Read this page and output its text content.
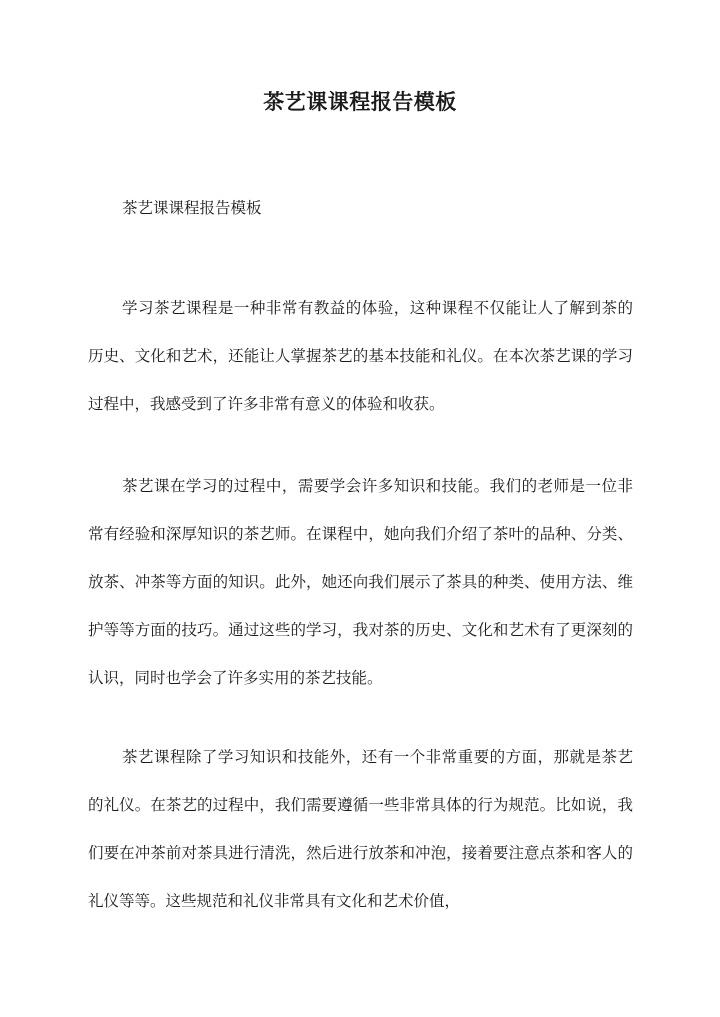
茶艺课课程报告模板

茶艺课课程报告模板

学习茶艺课程是一种非常有教益的体验，这种课程不仅能让人了解到茶的历史、文化和艺术，还能让人掌握茶艺的基本技能和礼仪。在本次茶艺课的学习过程中，我感受到了许多非常有意义的体验和收获。

茶艺课在学习的过程中，需要学会许多知识和技能。我们的老师是一位非常有经验和深厚知识的茶艺师。在课程中，她向我们介绍了茶叶的品种、分类、放茶、冲茶等方面的知识。此外，她还向我们展示了茶具的种类、使用方法、维护等等方面的技巧。通过这些的学习，我对茶的历史、文化和艺术有了更深刻的认识，同时也学会了许多实用的茶艺技能。

茶艺课程除了学习知识和技能外，还有一个非常重要的方面，那就是茶艺的礼仪。在茶艺的过程中，我们需要遵循一些非常具体的行为规范。比如说，我们要在冲茶前对茶具进行清洗，然后进行放茶和冲泡，接着要注意点茶和客人的礼仪等等。这些规范和礼仪非常具有文化和艺术价值，
